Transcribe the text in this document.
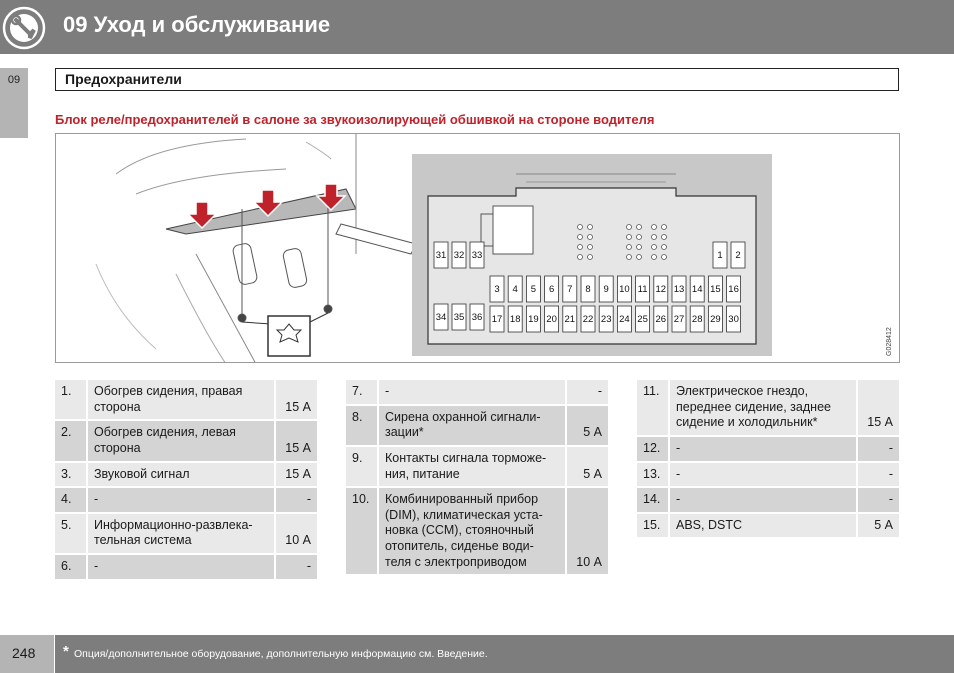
09 Уход и обслуживание
09	Предохранители
Блок реле/предохранителей в салоне за звукоизолирующей обшивкой на стороне водителя
31 32 33	1 2
3 4 5 6 7 8 9 10 11 12 13 14 15 16
34 35 36 17 18 19 20 21 22 23 24 25 26 27 28 29 30
G028412
1.	Обогрев сидения, правая сторона	15 А
2.	Обогрев сидения, левая сторона	15 А
3.	Звуковой сигнал	15 А
4.	-	-
5.	Информационно-развлека-тельная система	10 А
6.	-	-
7.	-	-
8.	Сирена охранной сигнали-зации*	5 А
9.	Контакты сигнала торможе-ния, питание	5 А
10.	Комбинированный прибор (DIM), климатическая уста-новка (CCM), стояночный отопитель, сиденье води-теля с электроприводом	10 А
11.	Электрическое гнездо, переднее сидение, заднее сидение и холодильник*	15 А
12.	-	-
13.	-	-
14.	-	-
15.	ABS, DSTC	5 А
248 * Опция/дополнительное оборудование, дополнительную информацию см. Введение.
